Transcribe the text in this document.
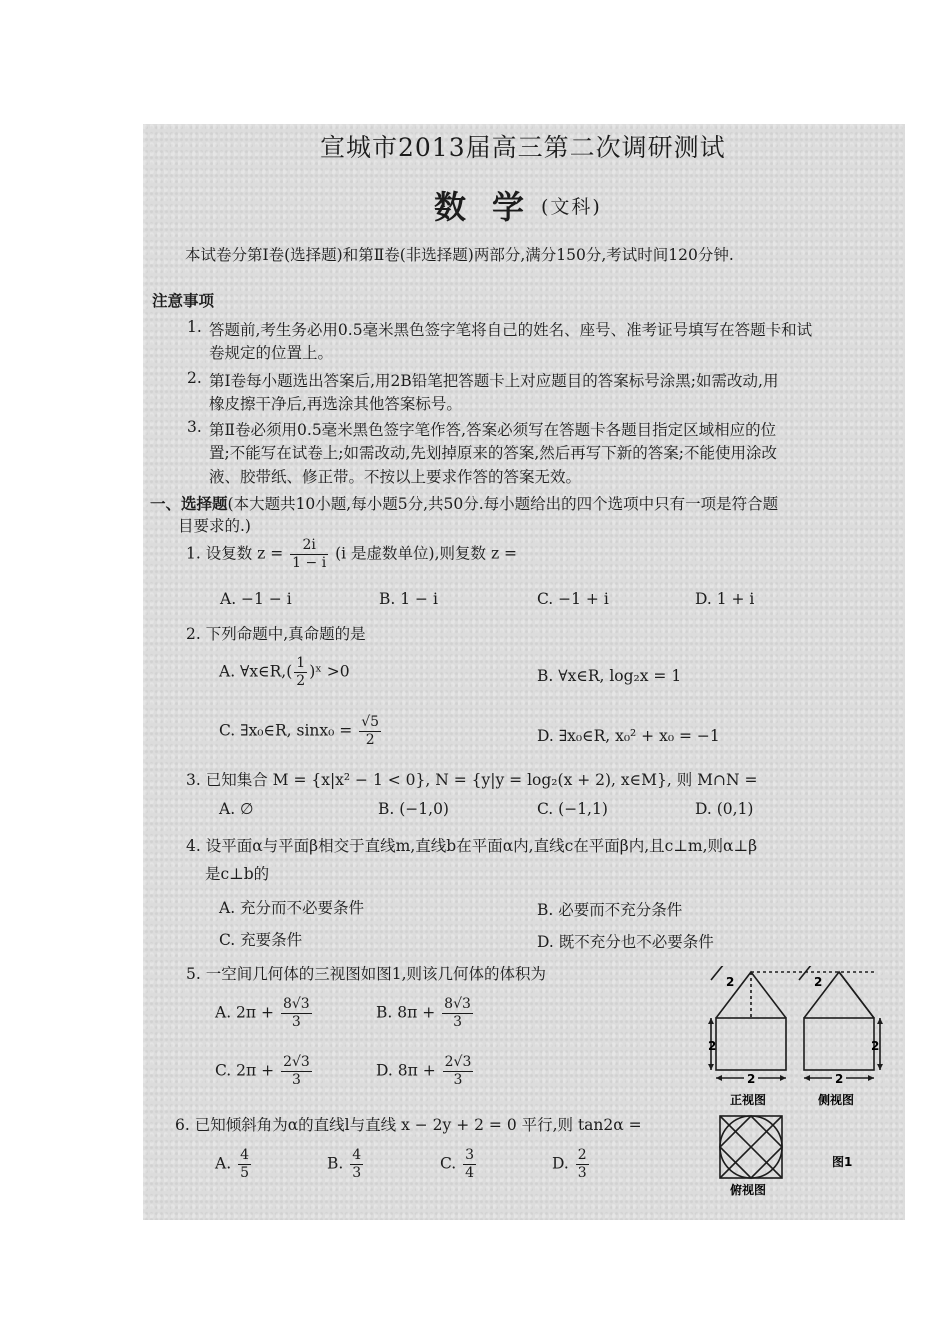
宣城市2013届高三第二次调研测试
数学
(文科)
本试卷分第Ⅰ卷(选择题)和第Ⅱ卷(非选择题)两部分,满分150分,考试时间120分钟.
注意事项
1. 答题前,考生务必用0.5毫米黑色签字笔将自己的姓名、座号、准考证号填写在答题卡和试
卷规定的位置上。
2. 第Ⅰ卷每小题选出答案后,用2B铅笔把答题卡上对应题目的答案标号涂黑;如需改动,用
橡皮擦干净后,再选涂其他答案标号。
3. 第Ⅱ卷必须用0.5毫米黑色签字笔作答,答案必须写在答题卡各题目指定区域相应的位
置;不能写在试卷上;如需改动,先划掉原来的答案,然后再写下新的答案;不能使用涂改
液、胶带纸、修正带。不按以上要求作答的答案无效。
一、选择题(本大题共10小题,每小题5分,共50分.每小题给出的四个选项中只有一项是符合题
目要求的.)
1. 设复数 $z = \frac{2i}{1 - i} (i$ 是虚数单位),则复数 z =
A. −1 − i	B. 1 − i	C. −1 + i	D. 1 + i
2. 下列命题中,真命题的是
A. ∀x∈R,( $\frac{1}{2}$ )ˣ >0	B. ∀x∈R, log₂x = 1
C. ∃x₀∈R, $\sin x_0 = \frac{√5}{2}$	D. ∃x₀∈R, x₀² + x₀ = −1
3. 已知集合 M = {x|x² − 1 < 0}, N = {y|y = log₂(x + 2), x∈M}, 则 M∩N =
A. ∅	B. (−1,0)	C. (−1,1)	D. (0,1)
4. 设平面α与平面β相交于直线m,直线b在平面α内,直线c在平面β内,且c⊥m,则α⊥β
是c⊥b的
A. 充分而不必要条件	B. 必要而不充分条件
C. 充要条件	D. 既不充分也不必要条件
5. 一空间几何体的三视图如图1,则该几何体的体积为
A. $2\pi + \frac{8√3}{3}$	B. $8\pi + \frac{8√3}{3}$
C. $2\pi + \frac{2√3}{3}$	D. $8\pi + \frac{2√3}{3}$
6. 已知倾斜角为α的直线l与直线 x − 2y + 2 = 0 平行,则 tan2α =
A. $\frac{4}{5}$	B. $\frac{4}{3}$	C. $\frac{3}{4}$	D. $\frac{2}{3}$
2	2
2	2
2	2
正视图	侧视图
俯视图
图1
